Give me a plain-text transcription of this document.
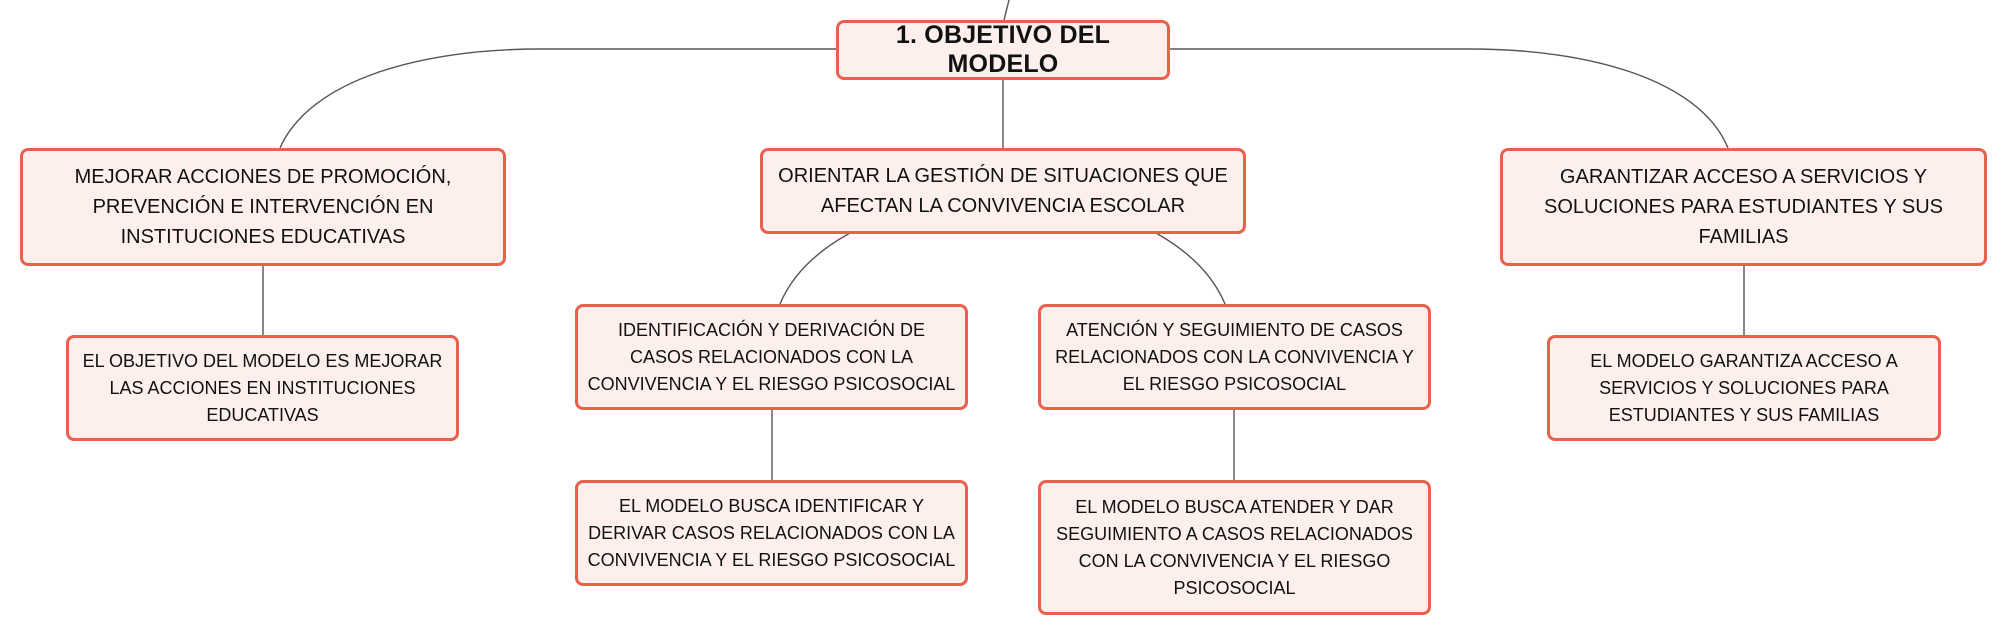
1. OBJETIVO DEL MODELO
MEJORAR ACCIONES DE PROMOCIÓN, PREVENCIÓN E INTERVENCIÓN EN INSTITUCIONES EDUCATIVAS
ORIENTAR LA GESTIÓN DE SITUACIONES QUE AFECTAN LA CONVIVENCIA ESCOLAR
GARANTIZAR ACCESO A SERVICIOS Y SOLUCIONES PARA ESTUDIANTES Y SUS FAMILIAS
EL OBJETIVO DEL MODELO ES MEJORAR LAS ACCIONES EN INSTITUCIONES EDUCATIVAS
IDENTIFICACIÓN Y DERIVACIÓN DE CASOS RELACIONADOS CON LA CONVIVENCIA Y EL RIESGO PSICOSOCIAL
ATENCIÓN Y SEGUIMIENTO DE CASOS RELACIONADOS CON LA CONVIVENCIA Y EL RIESGO PSICOSOCIAL
EL MODELO BUSCA IDENTIFICAR Y DERIVAR CASOS RELACIONADOS CON LA CONVIVENCIA Y EL RIESGO PSICOSOCIAL
EL MODELO BUSCA ATENDER Y DAR SEGUIMIENTO A CASOS RELACIONADOS CON LA CONVIVENCIA Y EL RIESGO PSICOSOCIAL
EL MODELO GARANTIZA ACCESO A SERVICIOS Y SOLUCIONES PARA ESTUDIANTES Y SUS FAMILIAS
